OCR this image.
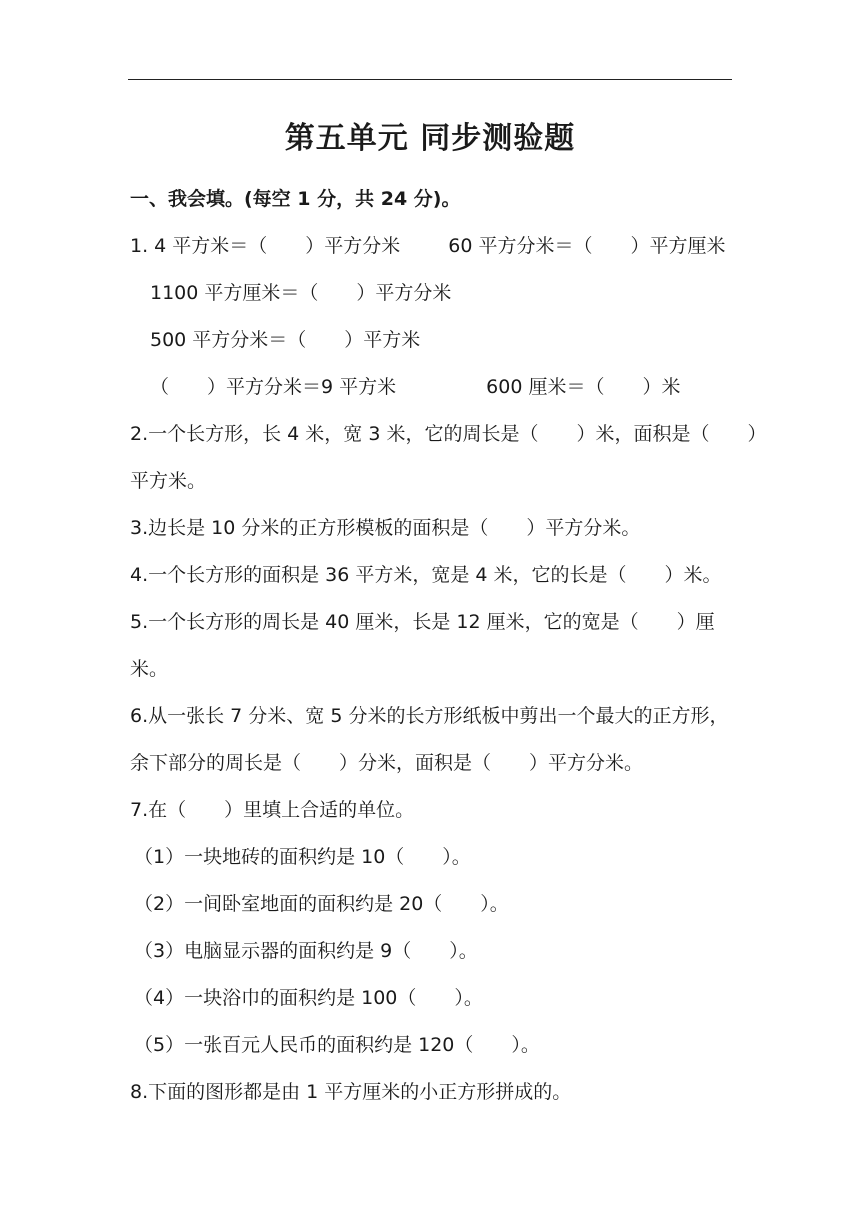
第五单元 同步测验题
一、我会填。(每空 1 分，共 24 分)。
1. 4 平方米＝（　　）平方分米	60 平方分米＝（　　）平方厘米
1100 平方厘米＝（　　）平方分米
500 平方分米＝（　　）平方米
（　　）平方分米＝9 平方米	600 厘米＝（　　）米
2.一个长方形，长 4 米，宽 3 米，它的周长是（　　）米，面积是（　　）
平方米。
3.边长是 10 分米的正方形模板的面积是（　　）平方分米。
4.一个长方形的面积是 36 平方米，宽是 4 米，它的长是（　　）米。
5.一个长方形的周长是 40 厘米，长是 12 厘米，它的宽是（　　）厘
米。
6.从一张长 7 分米、宽 5 分米的长方形纸板中剪出一个最大的正方形，
余下部分的周长是（　　）分米，面积是（　　）平方分米。
7.在（　　）里填上合适的单位。
（1）一块地砖的面积约是 10（　　）。
（2）一间卧室地面的面积约是 20（　　）。
（3）电脑显示器的面积约是 9（　　）。
（4）一块浴巾的面积约是 100（　　）。
（5）一张百元人民币的面积约是 120（　　）。
8.下面的图形都是由 1 平方厘米的小正方形拼成的。
